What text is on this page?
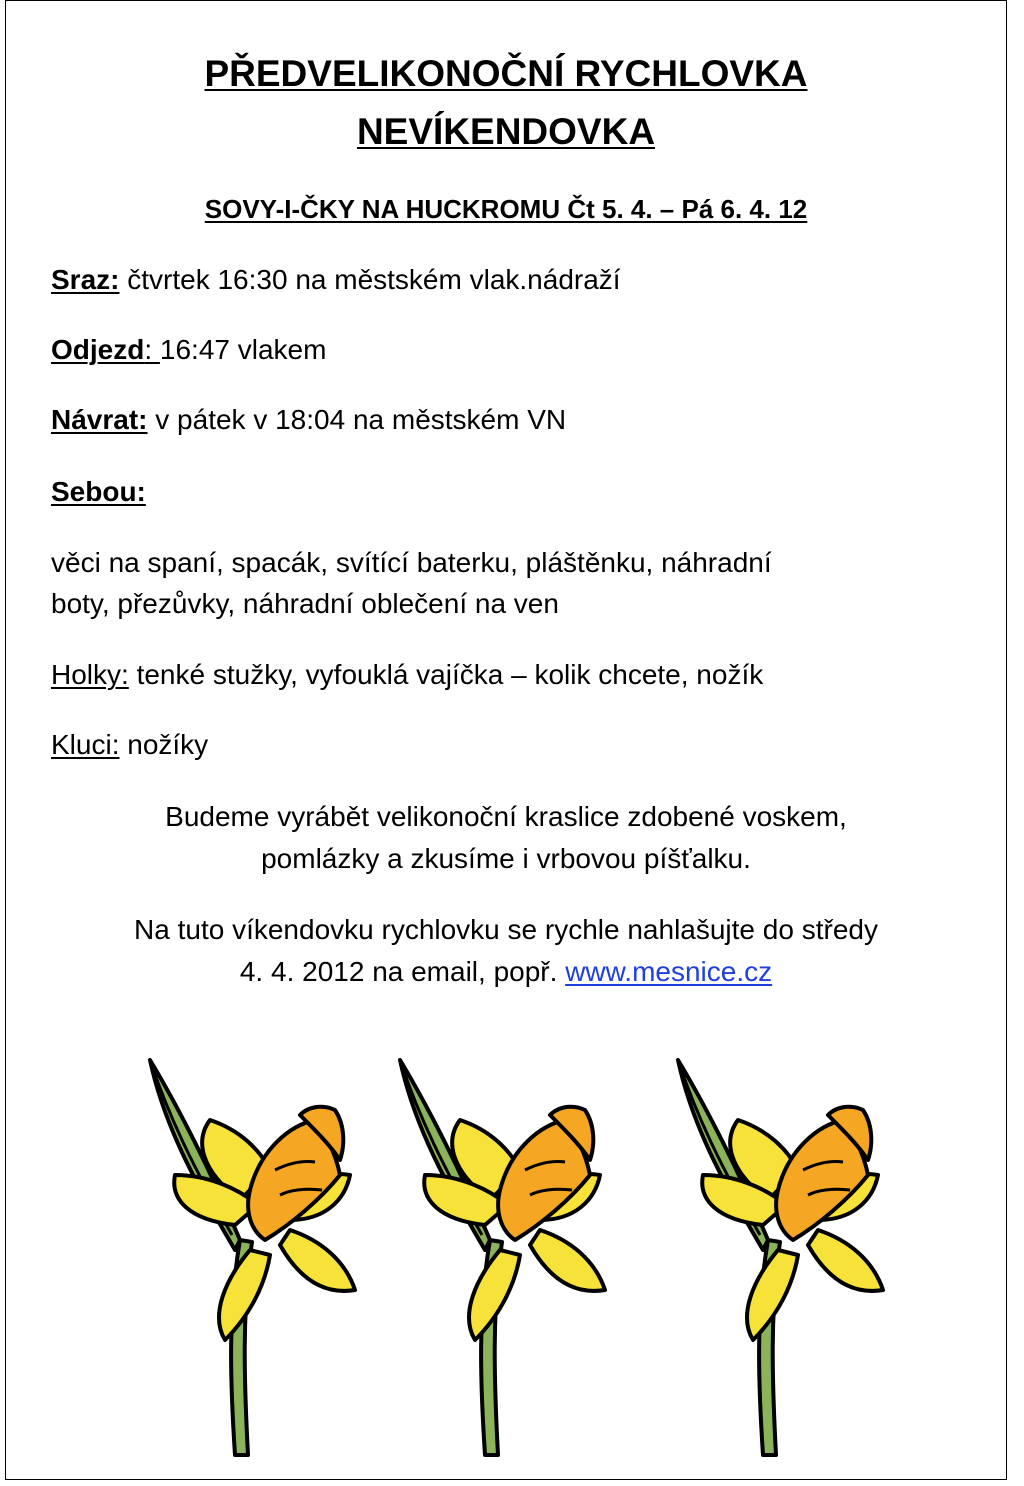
PŘEDVELIKONOČNÍ RYCHLOVKA
NEVÍKENDOVKA
SOVY-I-ČKY NA HUCKROMU Čt 5. 4. – Pá 6. 4. 12
Sraz: čtvrtek 16:30 na městském vlak.nádraží
Odjezd: 16:47 vlakem
Návrat: v pátek v 18:04 na městském VN
Sebou:
věci na spaní, spacák, svítící baterku, pláštěnku, náhradní
boty, přezůvky, náhradní oblečení na ven
Holky: tenké stužky, vyfouklá vajíčka – kolik chcete, nožík
Kluci: nožíky
Budeme vyrábět velikonoční kraslice zdobené voskem,
pomlázky a zkusíme i vrbovou píšťalku.
Na tuto víkendovku rychlovku se rychle nahlašujte do středy
4. 4. 2012 na email, popř. www.mesnice.cz
